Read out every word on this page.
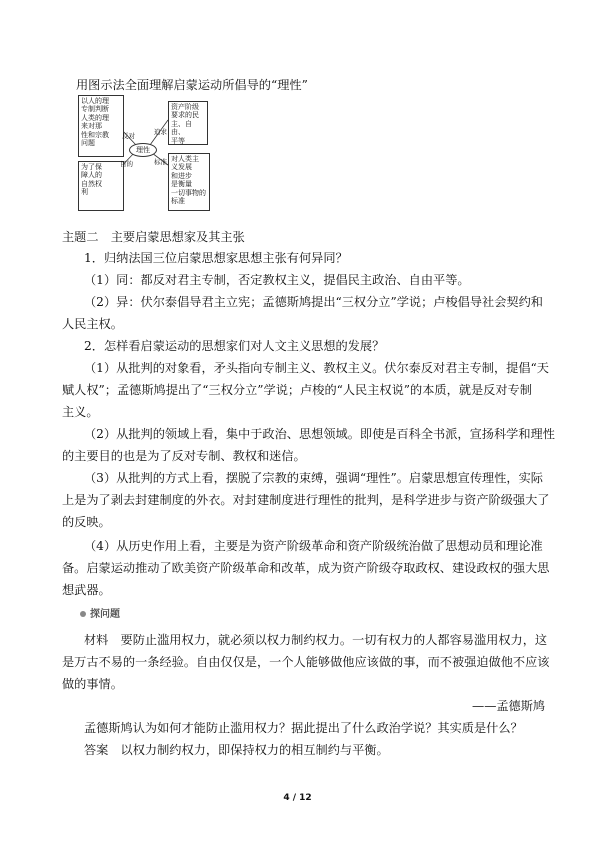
用图示法全面理解启蒙运动所倡导的“理性”
以人的理
专制判断
人类的理
来对那
性和宗教
问题
资产阶级
要求的民
主、自由、
平等
为了保
障人的
自然权
利
对人类主
义发展
和进步
是衡量
一切事物的
标准
理性
反对	追求
目的	标准
主题二　主要启蒙思想家及其主张
1．归纳法国三位启蒙思想家思想主张有何异同？
（1）同：都反对君主专制，否定教权主义，提倡民主政治、自由平等。
（2）异：伏尔泰倡导君主立宪；孟德斯鸠提出“三权分立”学说；卢梭倡导社会契约和
人民主权。
2．怎样看启蒙运动的思想家们对人文主义思想的发展？
（1）从批判的对象看，矛头指向专制主义、教权主义。伏尔泰反对君主专制，提倡“天
赋人权”；孟德斯鸠提出了“三权分立”学说；卢梭的“人民主权说”的本质，就是反对专制
主义。
（2）从批判的领域上看，集中于政治、思想领域。即使是百科全书派，宣扬科学和理性
的主要目的也是为了反对专制、教权和迷信。
（3）从批判的方式上看，摆脱了宗教的束缚，强调“理性”。启蒙思想宣传理性，实际
上是为了剥去封建制度的外衣。对封建制度进行理性的批判，是科学进步与资产阶级强大了
的反映。
（4）从历史作用上看，主要是为资产阶级革命和资产阶级统治做了思想动员和理论准
备。启蒙运动推动了欧美资产阶级革命和改革，成为资产阶级夺取政权、建设政权的强大思
想武器。
探问题
材料　要防止滥用权力，就必须以权力制约权力。一切有权力的人都容易滥用权力，这
是万古不易的一条经验。自由仅仅是，一个人能够做他应该做的事，而不被强迫做他不应该
做的事情。
——孟德斯鸠
孟德斯鸠认为如何才能防止滥用权力？据此提出了什么政治学说？其实质是什么？
答案　以权力制约权力，即保持权力的相互制约与平衡。
4 / 12
